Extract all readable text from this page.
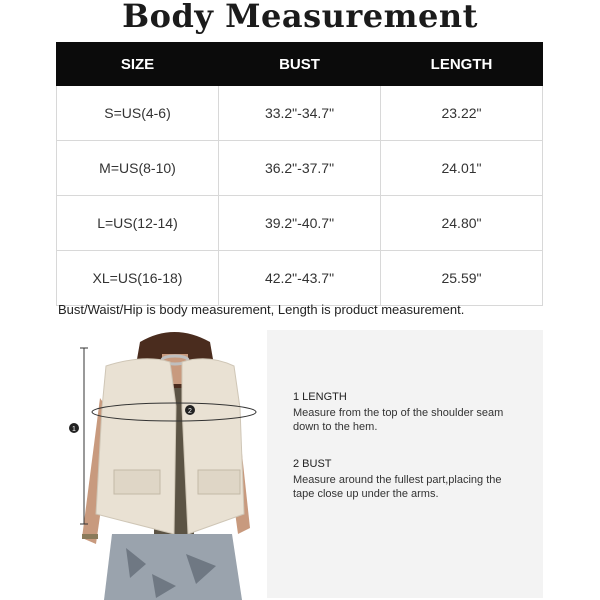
Body Measurement
SIZE	BUST	LENGTH
S=US(4-6)	33.2"-34.7"	23.22"
M=US(8-10)	36.2"-37.7"	24.01"
L=US(12-14)	39.2"-40.7"	24.80"
XL=US(16-18)	42.2"-43.7"	25.59"
Bust/Waist/Hip is body measurement, Length is product measurement.
1
2
1 LENGTH
Measure from the top of the shoulder seam down to the hem.
2 BUST
Measure around the fullest part,placing the tape close up under the arms.
